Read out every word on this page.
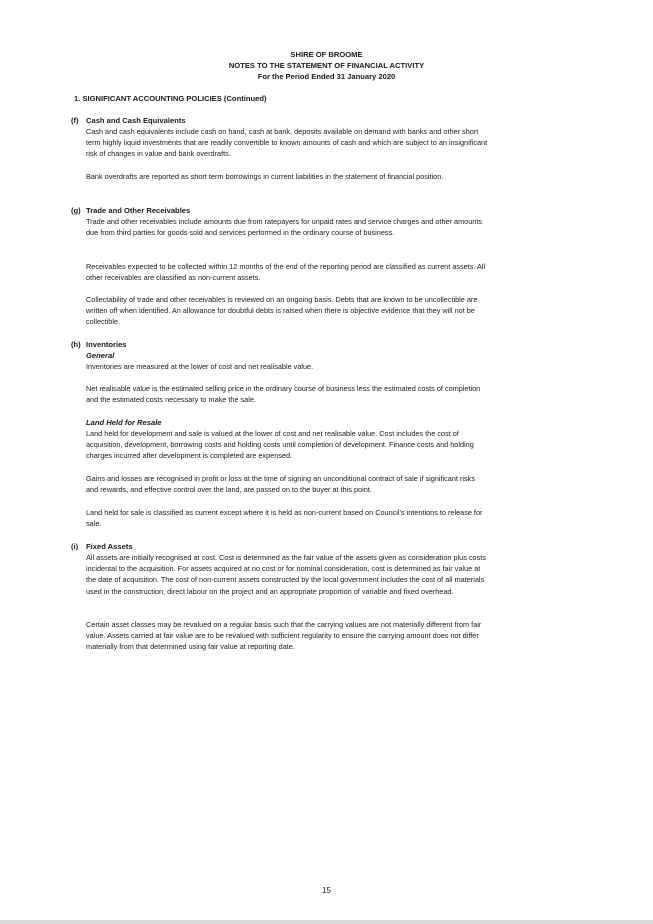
SHIRE OF BROOME
NOTES TO THE STATEMENT OF FINANCIAL ACTIVITY
For the Period Ended 31 January 2020
1. SIGNIFICANT ACCOUNTING POLICIES (Continued)
(f) Cash and Cash Equivalents
Cash and cash equivalents include cash on hand, cash at bank, deposits available on demand with banks and other short term highly liquid investments that are readily convertible to known amounts of cash and which are subject to an insignificant risk of changes in value and bank overdrafts.
Bank overdrafts are reported as short term borrowings in current liabilities in the statement of financial position.
(g) Trade and Other Receivables
Trade and other receivables include amounts due from ratepayers for unpaid rates and service charges and other amounts due from third parties for goods sold and services performed in the ordinary course of business.
Receivables expected to be collected within 12 months of the end of the reporting period are classified as current assets. All other receivables are classified as non-current assets.
Collectability of trade and other receivables is reviewed on an ongoing basis. Debts that are known to be uncollectible are written off when identified. An allowance for doubtful debts is raised when there is objective evidence that they will not be collectible.
(h) Inventories
General
Inventories are measured at the lower of cost and net realisable value.
Net realisable value is the estimated selling price in the ordinary course of business less the estimated costs of completion and the estimated costs necessary to make the sale.
Land Held for Resale
Land held for development and sale is valued at the lower of cost and net realisable value. Cost includes the cost of acquisition, development, borrowing costs and holding costs until completion of development. Finance costs and holding charges incurred after development is completed are expensed.
Gains and losses are recognised in profit or loss at the time of signing an unconditional contract of sale if significant risks and rewards, and effective control over the land, are passed on to the buyer at this point.
Land held for sale is classified as current except where it is held as non-current based on Council's intentions to release for sale.
(i) Fixed Assets
All assets are initially recognised at cost. Cost is determined as the fair value of the assets given as consideration plus costs incidental to the acquisition. For assets acquired at no cost or for nominal consideration, cost is determined as fair value at the date of acquisition. The cost of non-current assets constructed by the local government includes the cost of all materials used in the construction, direct labour on the project and an appropriate proportion of variable and fixed overhead.
Certain asset classes may be revalued on a regular basis such that the carrying values are not materially different from fair value. Assets carried at fair value are to be revalued with sufficient regularity to ensure the carrying amount does not differ materially from that determined using fair value at reporting date.
15
